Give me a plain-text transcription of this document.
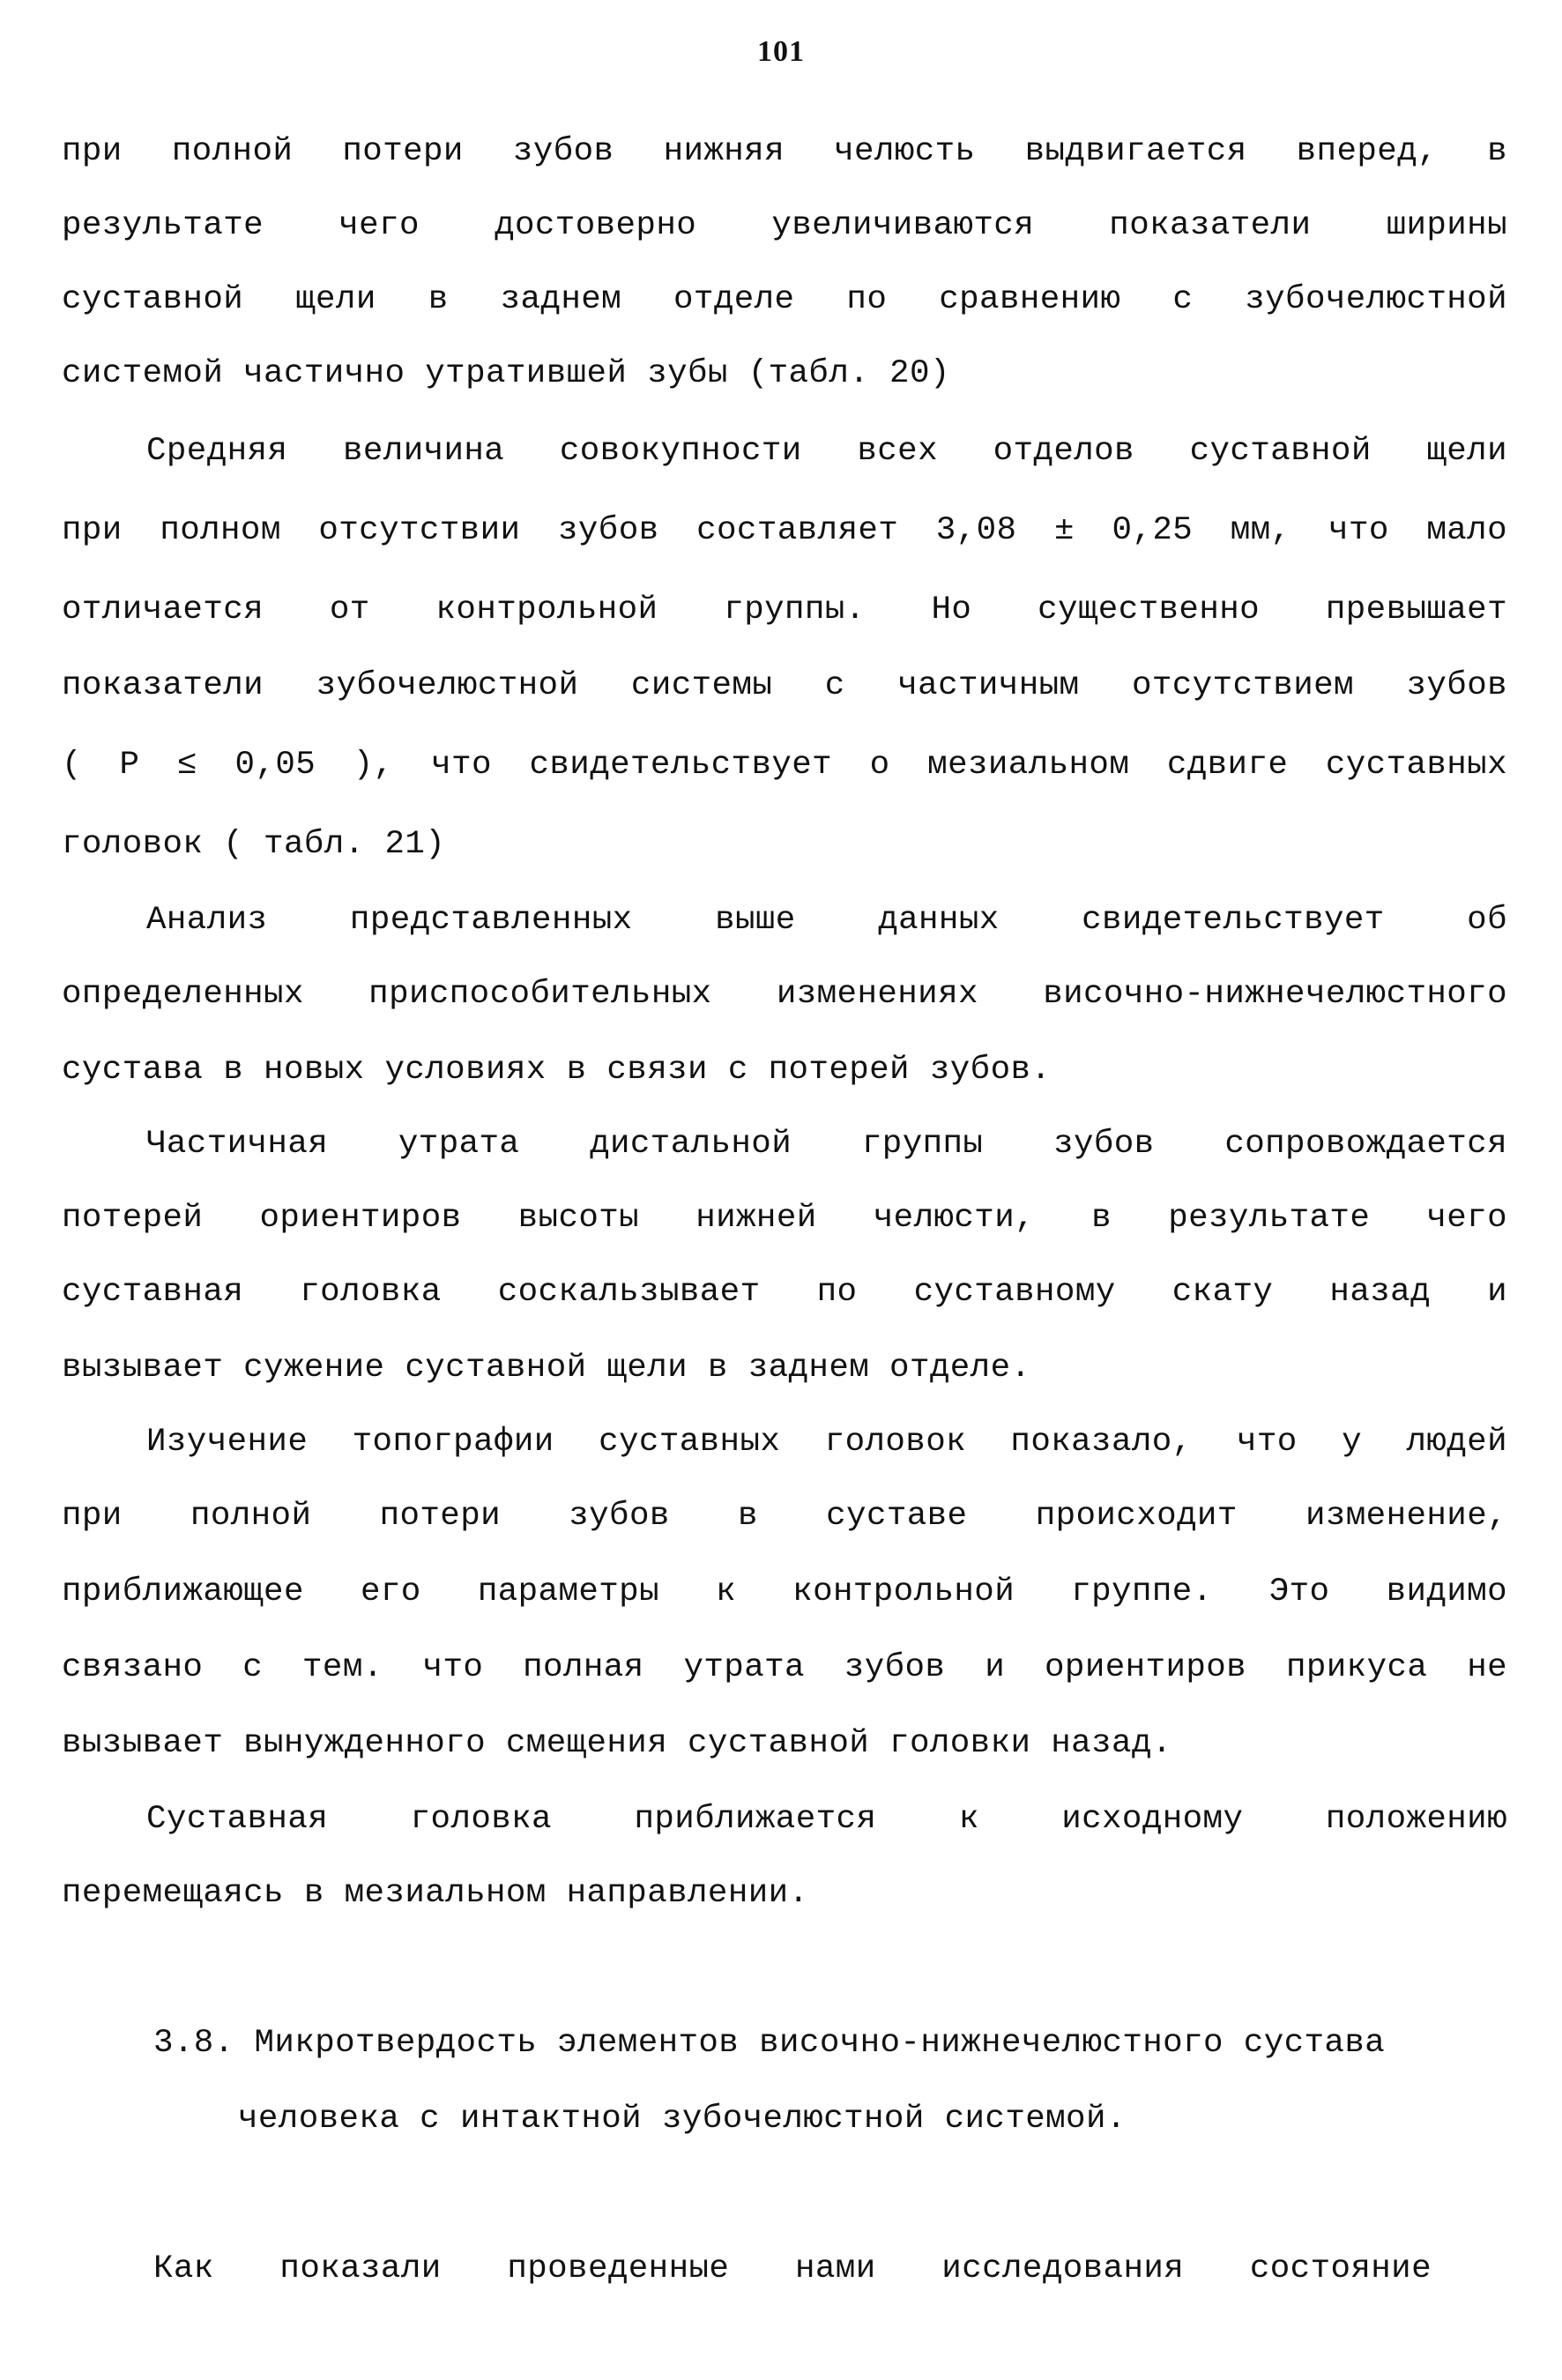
101
при полной потери зубов нижняя челюсть выдвигается вперед, в
результате чего достоверно увеличиваются показатели ширины
суставной щели в заднем отделе по сравнению с зубочелюстной
системой частично утратившей зубы (табл. 20)
Средняя величина совокупности всех отделов суставной щели
при полном отсутствии зубов составляет 3,08 ± 0,25 мм, что мало
отличается от контрольной группы. Но существенно превышает
показатели зубочелюстной системы с частичным отсутствием зубов
( Р ≤ 0,05 ), что свидетельствует о мезиальном сдвиге суставных
головок ( табл. 21)
Анализ представленных выше данных свидетельствует об
определенных приспособительных изменениях височно-нижнечелюстного
сустава в новых условиях в связи с потерей зубов.
Частичная утрата дистальной группы зубов сопровождается
потерей ориентиров высоты нижней челюсти, в результате чего
суставная головка соскальзывает по суставному скату назад и
вызывает сужение суставной щели в заднем отделе.
Изучение топографии суставных головок показало, что у людей
при полной потери зубов в суставе происходит изменение,
приближающее его параметры к контрольной группе. Это видимо
связано с тем. что полная утрата зубов и ориентиров прикуса не
вызывает вынужденного смещения суставной головки назад.
Суставная головка приближается к исходному положению
перемещаясь в мезиальном направлении.
3.8. Микротвердость элементов височно-нижнечелюстного сустава
человека с интактной зубочелюстной системой.
Как показали проведенные нами исследования состояние
